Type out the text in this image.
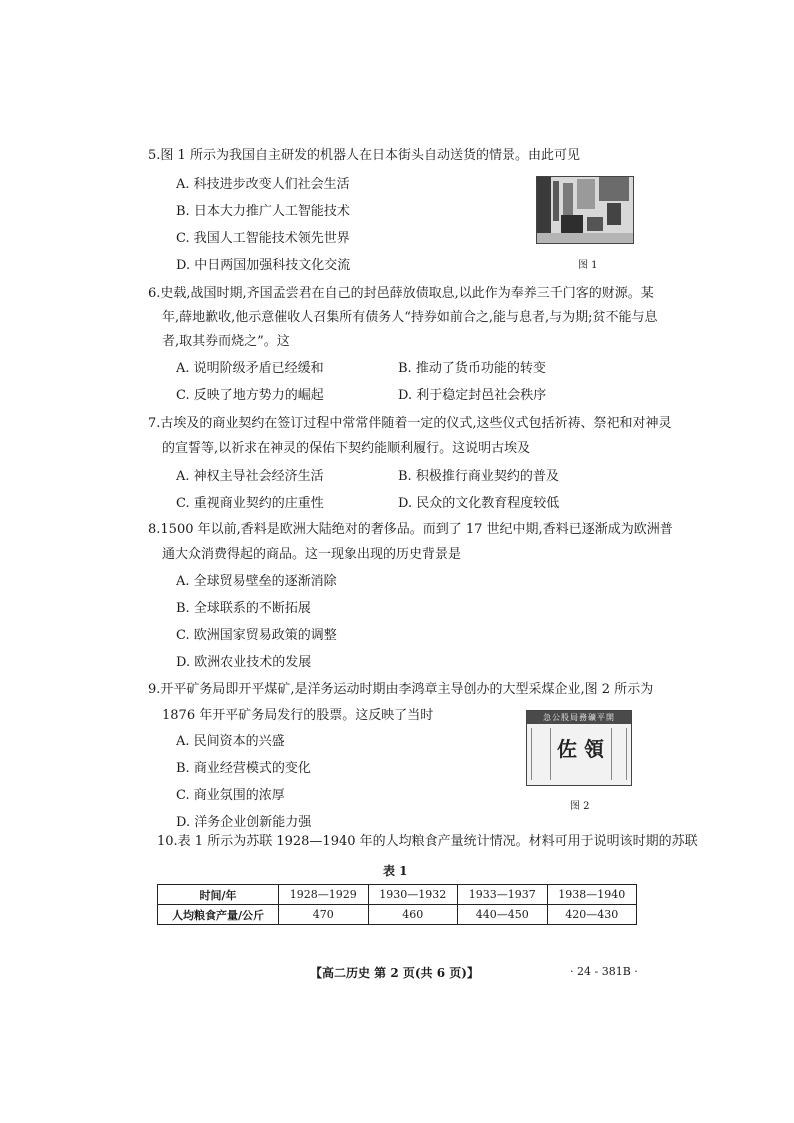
5.图 1 所示为我国自主研发的机器人在日本街头自动送货的情景。由此可见
A. 科技进步改变人们社会生活
B. 日本大力推广人工智能技术
C. 我国人工智能技术领先世界
D. 中日两国加强科技文化交流	图 1
6.史载,战国时期,齐国孟尝君在自己的封邑薛放债取息,以此作为奉养三千门客的财源。某
年,薛地歉收,他示意催收人召集所有债务人“持券如前合之,能与息者,与为期;贫不能与息
者,取其券而烧之”。这
A. 说明阶级矛盾已经缓和	B. 推动了货币功能的转变
C. 反映了地方势力的崛起	D. 利于稳定封邑社会秩序
7.古埃及的商业契约在签订过程中常常伴随着一定的仪式,这些仪式包括祈祷、祭祀和对神灵
的宣誓等,以祈求在神灵的保佑下契约能顺利履行。这说明古埃及
A. 神权主导社会经济生活	B. 积极推行商业契约的普及
C. 重视商业契约的庄重性	D. 民众的文化教育程度较低
8.1500 年以前,香料是欧洲大陆绝对的奢侈品。而到了 17 世纪中期,香料已逐渐成为欧洲普
通大众消费得起的商品。这一现象出现的历史背景是
A. 全球贸易壁垒的逐渐消除
B. 全球联系的不断拓展
C. 欧洲国家贸易政策的调整
D. 欧洲农业技术的发展
9.开平矿务局即开平煤矿,是洋务运动时期由李鸿章主导创办的大型采煤企业,图 2 所示为
1876 年开平矿务局发行的股票。这反映了当时
A. 民间资本的兴盛
B. 商业经营模式的变化
C. 商业氛围的浓厚
D. 洋务企业创新能力强
急公股局務礦平開
佐 領
图 2
10.表 1 所示为苏联 1928—1940 年的人均粮食产量统计情况。材料可用于说明该时期的苏联
表 1
时间/年	1928—1929	1930—1932	1933—1937	1938—1940
人均粮食产量/公斤	470	460	440—450	420—430
【高二历史 第 2 页(共 6 页)】	· 24 - 381B ·
